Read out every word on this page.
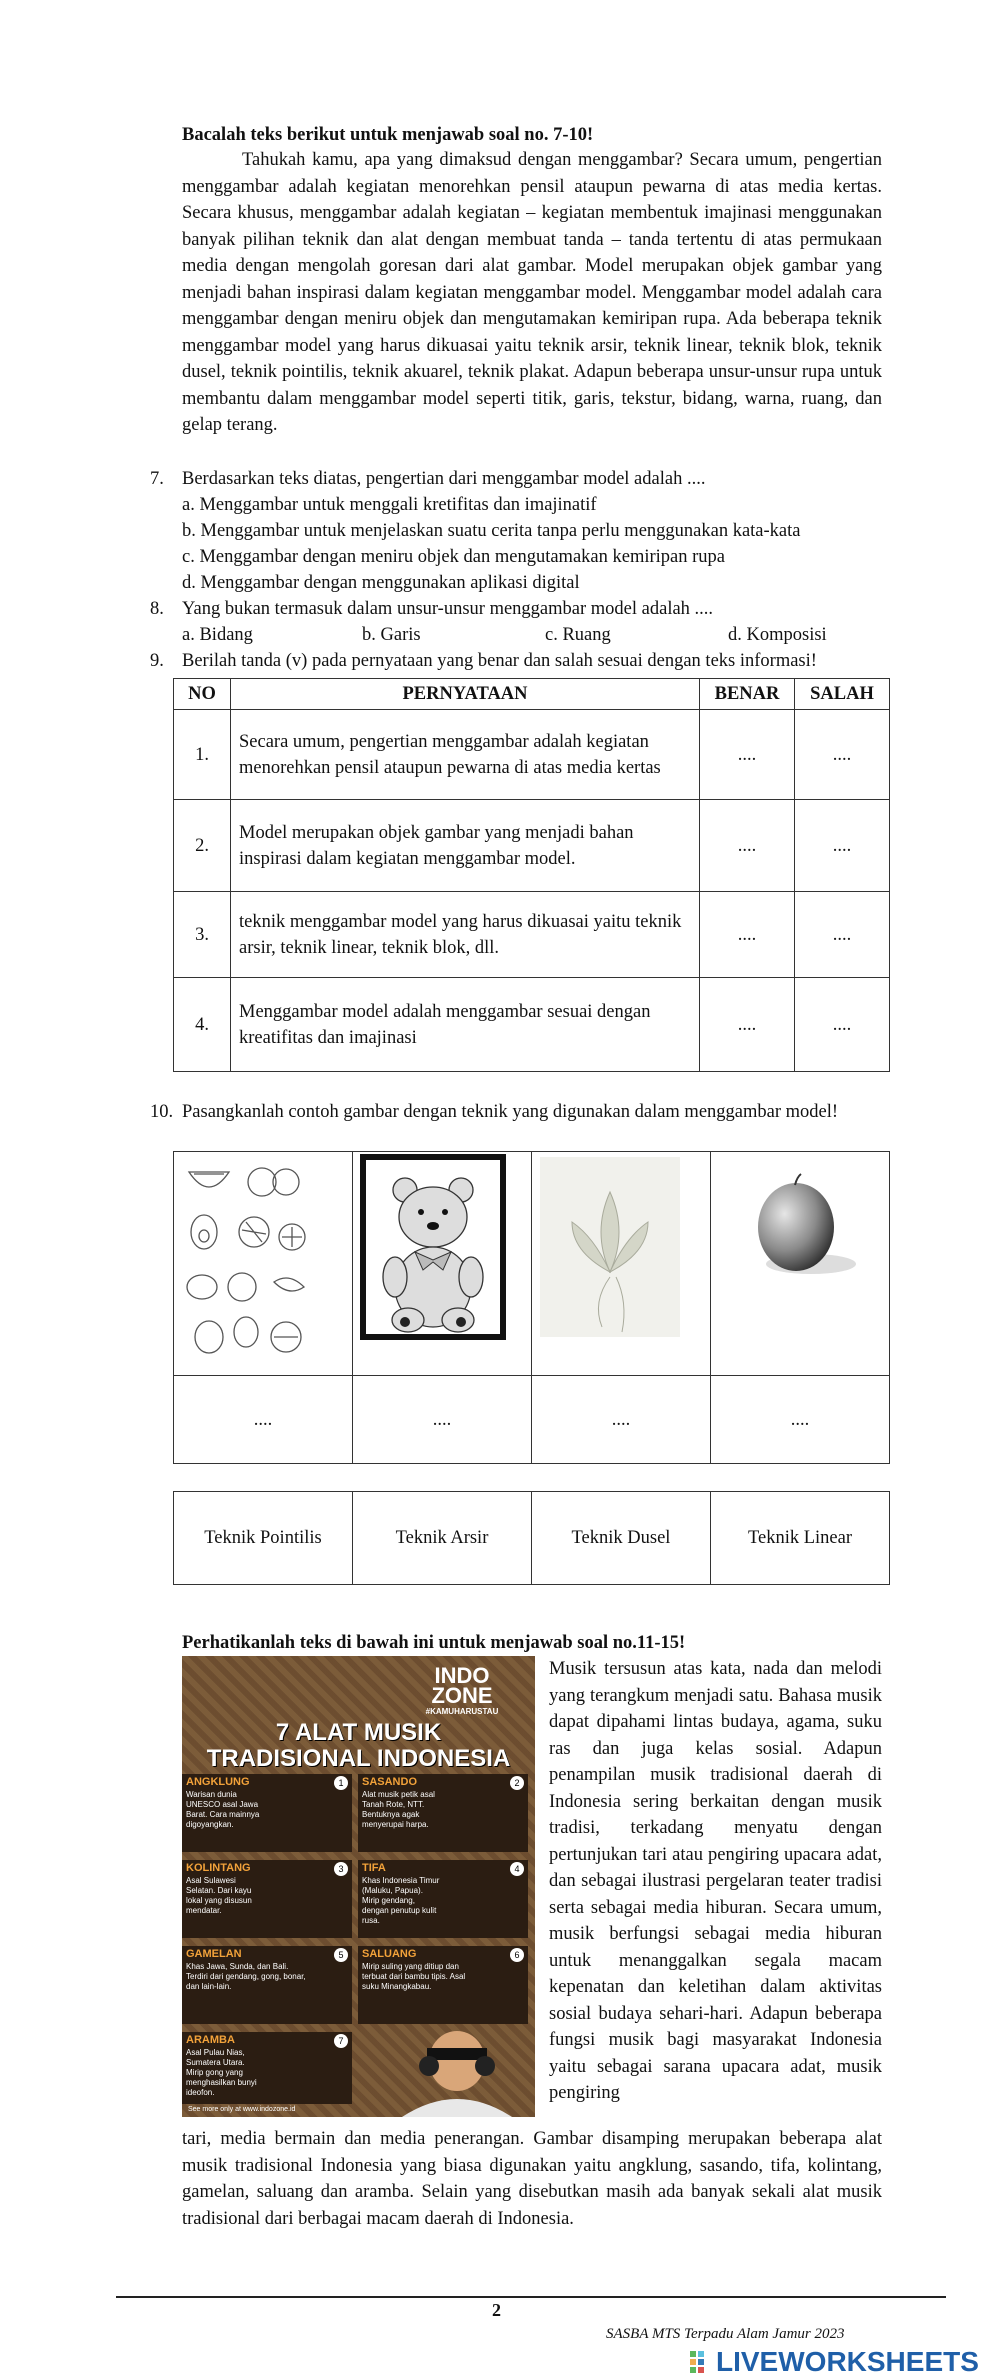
Bacalah teks berikut untuk menjawab soal no. 7-10!
Tahukah kamu, apa yang dimaksud dengan menggambar? Secara umum, pengertian menggambar adalah kegiatan menorehkan pensil ataupun pewarna di atas media kertas. Secara khusus, menggambar adalah kegiatan – kegiatan membentuk imajinasi menggunakan banyak pilihan teknik dan alat dengan membuat tanda – tanda tertentu di atas permukaan media dengan mengolah goresan dari alat gambar. Model merupakan objek gambar yang menjadi bahan inspirasi dalam kegiatan menggambar model. Menggambar model adalah cara menggambar dengan meniru objek dan mengutamakan kemiripan rupa. Ada beberapa teknik menggambar model yang harus dikuasai yaitu teknik arsir, teknik linear, teknik blok, teknik dusel, teknik pointilis, teknik akuarel, teknik plakat. Adapun beberapa unsur-unsur rupa untuk membantu dalam menggambar model seperti titik, garis, tekstur, bidang, warna, ruang, dan gelap terang.
7. Berdasarkan teks diatas, pengertian dari menggambar model adalah ....
a. Menggambar untuk menggali kretifitas dan imajinatif
b. Menggambar untuk menjelaskan suatu cerita tanpa perlu menggunakan kata-kata
c. Menggambar dengan meniru objek dan mengutamakan kemiripan rupa
d. Menggambar dengan menggunakan aplikasi digital
8. Yang bukan termasuk dalam unsur-unsur menggambar model adalah ....
a. Bidang	b. Garis	c. Ruang	d. Komposisi
9. Berilah tanda (v) pada pernyataan yang benar dan salah sesuai dengan teks informasi!
NO	PERNYATAAN	BENAR	SALAH
1.	Secara umum, pengertian menggambar adalah kegiatan menorehkan pensil ataupun pewarna di atas media kertas	....	....
2.	Model merupakan objek gambar yang menjadi bahan inspirasi dalam kegiatan menggambar model.	....	....
3.	teknik menggambar model yang harus dikuasai yaitu teknik arsir, teknik linear, teknik blok, dll.	....	....
4.	Menggambar model adalah menggambar sesuai dengan kreatifitas dan imajinasi	....	....
10. Pasangkanlah contoh gambar dengan teknik yang digunakan dalam menggambar model!
....	....	....	....
Teknik Pointilis	Teknik Arsir	Teknik Dusel	Teknik Linear
Perhatikanlah teks di bawah ini untuk menjawab soal no.11-15!
INDO
ZONE
#KAMUHARUSTAU
7 ALAT MUSIK
TRADISIONAL INDONESIA
ANGKLUNG
Warisan dunia UNESCO asal Jawa Barat. Cara mainnya digoyangkan.
1	SASANDO
Alat musik petik asal Tanah Rote, NTT. Bentuknya agak menyerupai harpa.
2
KOLINTANG
Asal Sulawesi Selatan. Dari kayu lokal yang disusun mendatar.
3	TIFA
Khas Indonesia Timur (Maluku, Papua). Mirip gendang, dengan penutup kulit rusa.
4
GAMELAN
Khas Jawa, Sunda, dan Bali. Terdiri dari gendang, gong, bonar, dan lain-lain.
5	SALUANG
Mirip suling yang ditiup dan terbuat dari bambu tipis. Asal suku Minangkabau.
6
ARAMBA
Asal Pulau Nias, Sumatera Utara. Mirip gong yang menghasilkan bunyi ideofon.
7
See more only at www.indozone.id
Musik tersusun atas kata, nada dan melodi yang terangkum menjadi satu. Bahasa musik dapat dipahami lintas budaya, agama, suku ras dan juga kelas sosial. Adapun penampilan musik tradisional daerah di Indonesia sering berkaitan dengan musik tradisi, terkadang menyatu dengan pertunjukan tari atau pengiring upacara adat, dan sebagai ilustrasi pergelaran teater tradisi serta sebagai media hiburan. Secara umum, musik berfungsi sebagai media hiburan untuk menanggalkan segala macam kepenatan dan keletihan dalam aktivitas sosial budaya sehari-hari. Adapun beberapa fungsi musik bagi masyarakat Indonesia yaitu sebagai sarana upacara adat, musik pengiring
tari, media bermain dan media penerangan. Gambar disamping merupakan beberapa alat musik tradisional Indonesia yang biasa digunakan yaitu angklung, sasando, tifa, kolintang, gamelan, saluang dan aramba. Selain yang disebutkan masih ada banyak sekali alat musik tradisional dari berbagai macam daerah di Indonesia.
2
SASBA MTS Terpadu Alam Jamur 2023
LIVEWORKSHEETS
